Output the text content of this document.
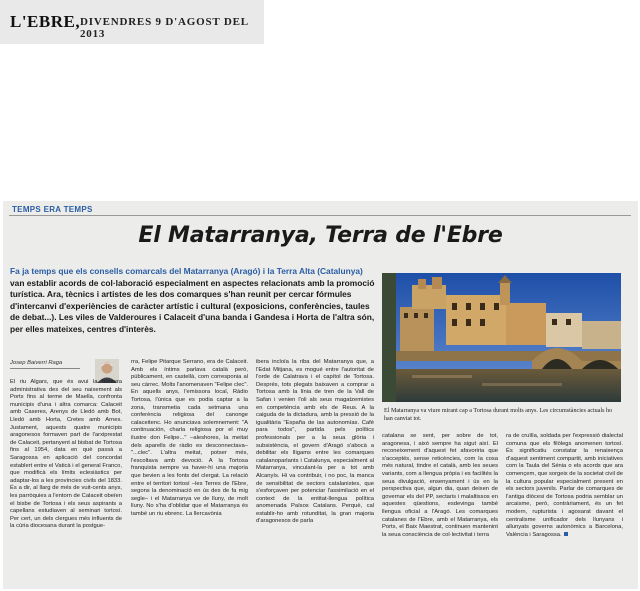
L'EBRE, DIVENDRES 9 D'AGOST DEL 2013
TEMPS ERA TEMPS
El Matarranya, Terra de l'Ebre
Fa ja temps que els consells comarcals del Matarranya (Aragó) i la Terra Alta (Catalunya) van establir acords de col·laboració especialment en aspectes relacionats amb la promoció turística. Ara, tècnics i artistes de les dos comarques s'han reunit per cercar fórmules d'intercanvi d'experiències de caràcter artístic i cultural (exposicions, conferències, taules de debat...). Les viles de Valderoures i Calaceit d'una banda i Gandesa i Horta de l'altra són, per elles mateixes, centres d'interès.
El Matarranya va viure mirant cap a Tortosa durant molts anys. Les circumstàncies actuals ho han canviat tot.
Josep Baiverri Raga
El riu Algars, que és avui la frontera administrativa des del seu naixement als Ports fins al terme de Maella, confronta municipis d'una i altra comarca: Calaceit amb Caseres, Arenys de Lledó amb Bot, Lledó amb Horta, Cretes amb Arnes. Justament, aquests quatre municipis aragonesos formaven part de l'arxiprestat de Calaceit, pertanyent al bisbat de Tortosa fins al 1954, data en què passà a Saragossa en aplicació del concordat establert entre el Vaticà i el general Franco, que modificà els límits eclesiàstics per adaptar-los a les províncies civils del 1833. És a dir, al llarg de més de vuit-cents anys, les parròquies a l'entorn de Calaceit obeïen el bisbe de Tortosa i els seus aspirants a capellans estudiaven al seminari tortosí. Per cert, un dels clergues més influents de la cúria diocesana durant la postgue-
rra, Felipe Pitarque Serrano, era de Calaceit. Amb els íntims parlava català però, públicament, en castellà, com corresponia al seu càrrec. Molts l'anomenaven "Felipe clec". En aquells anys, l'emissora local, Ràdio Tortosa, l'única que es podia captar a la zona, transmetia cada setmana una conferència religiosa del canonge calaceitenc. Ho anunciava solemnement: "A continuación, charla religiosa por el muy ilustre don Felipe..." –aleshores, la meitat dels aparells de ràdio es desconnectava– "...clec". L'altra meitat, potser més, l'escoltava amb devoció. A la Tortosa franquista sempre va haver-hi una majoria que bevien a les fonts del clergat. La relació entre el territori tortosí –les Terres de l'Ebre, segons la denominació en ús des de fa mig segle– i el Matarranya ve de lluny, de molt lluny. No s'ha d'oblidar que el Matarranya és també un riu ebrenc. La llercavònia
ibera incloïa la riba del Matarranya que, a l'Edat Mitjana, es mogué entre l'autoritat de l'orde de Calatrava i el capítol de Tortosa. Després, tots plegats baixaven a comprar a Tortosa amb la línia de tren de la Vall de Safan i venien l'oli als seus magatzemistes en competència amb els de Reus. A la caiguda de la dictadura, amb la pressió de la igualitària "España de las autonomías. Café para todos", partida pels polítics professionals per a la seua glòria i subsistència, el govern d'Aragó s'abocà a debilitar els lligams entre les comarques catalanoparlants i Catalunya, especialment al Matarranya, vinculant-la per a tot amb Alcanyís. Hi va contribuir, i no poc, la manca de sensibilitat de sectors catalanistes, que s'esforçaven per potenciar l'assimilació en el context de la entitat-llengua política anomenada Països Catalans. Perquè, cal establir-ho amb rotunditat, la gran majoria d'aragonesos de parla
catalana se sent, per sobre de tot, aragonesa, i això sempre ha sigut així. El reconeixement d'aquest fet afavoriria que s'acceptés, sense reticències, com la cosa més natural, tindre el català, amb les seues variants, com a llengua pròpia i es facilités la seua divulgació, ensenyament i ús en la perspectiva que, algun dia, quan deixen de governar els del PP, sectaris i malaltissos en aquestes qüestions, esdevinga també llengua oficial a l'Aragó. Les comarques catalanes de l'Ebre, amb el Matarranya, els Ports, el Baix Maestrat, continuen mantenint la seua consciència de col·lectivitat i terra
ra de cruïlla, soldada per l'expressió dialectal comuna que els filòlegs anomenen tortosí. És significatiu constatar la renaixença d'aquest sentiment compartit, amb iniciatives com la Taula del Sénia o els acords que ara començem, que sorgeix de la societat civil de la cultura popular especialment present en els sectors juvenils. Parlar de comarques de l'antiga diòcesi de Tortosa podria semblar un arcaisme, però, contràriament, és un fet modern, rupturista i agosarat davant el centralisme unificador dels llunyans i allunyats governs autonòmics a Barcelona, València i Saragossa.
